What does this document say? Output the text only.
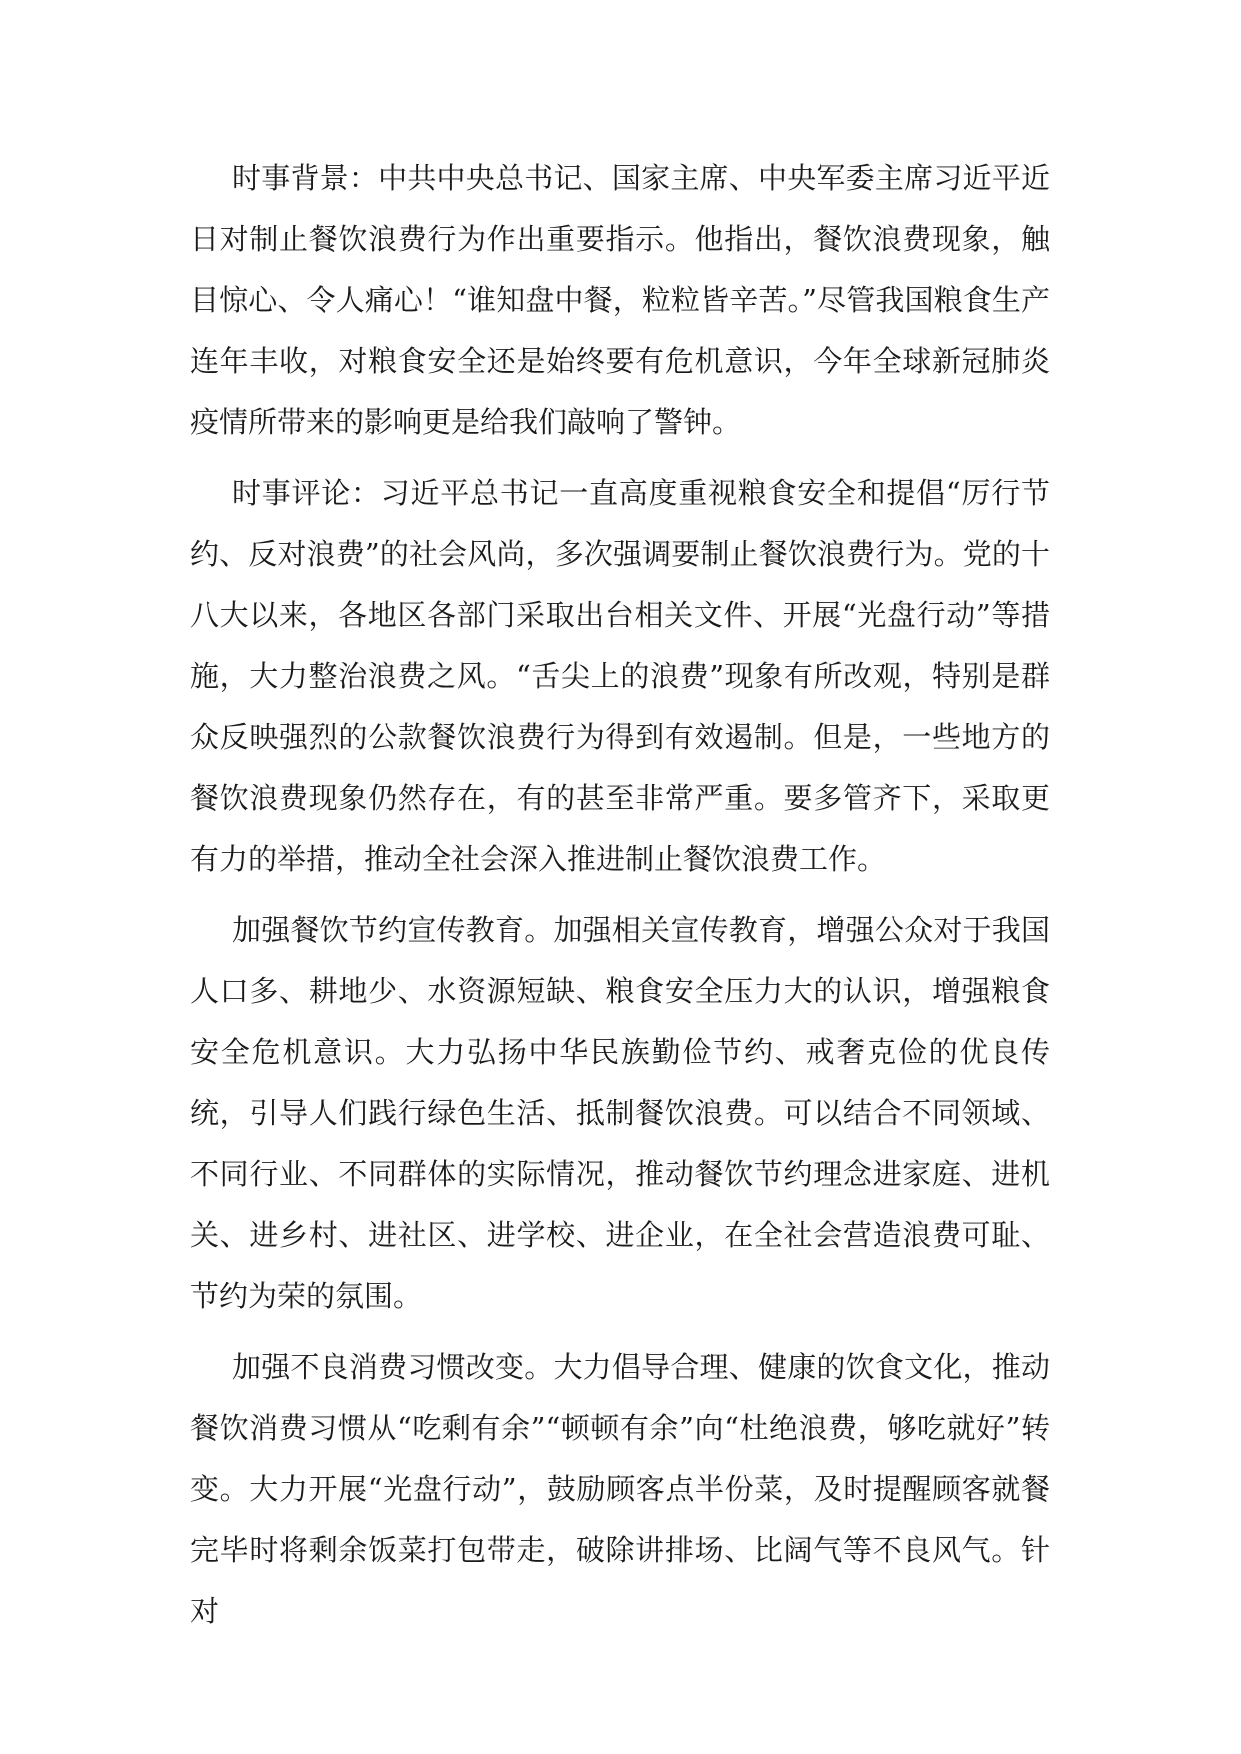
时事背景：中共中央总书记、国家主席、中央军委主席习近平近日对制止餐饮浪费行为作出重要指示。他指出，餐饮浪费现象，触目惊心、令人痛心！“谁知盘中餐，粒粒皆辛苦。”尽管我国粮食生产连年丰收，对粮食安全还是始终要有危机意识，今年全球新冠肺炎疫情所带来的影响更是给我们敲响了警钟。

时事评论：习近平总书记一直高度重视粮食安全和提倡“厉行节约、反对浪费”的社会风尚，多次强调要制止餐饮浪费行为。党的十八大以来，各地区各部门采取出台相关文件、开展“光盘行动”等措施，大力整治浪费之风。“舌尖上的浪费”现象有所改观，特别是群众反映强烈的公款餐饮浪费行为得到有效遏制。但是，一些地方的餐饮浪费现象仍然存在，有的甚至非常严重。要多管齐下，采取更有力的举措，推动全社会深入推进制止餐饮浪费工作。

加强餐饮节约宣传教育。加强相关宣传教育，增强公众对于我国人口多、耕地少、水资源短缺、粮食安全压力大的认识，增强粮食安全危机意识。大力弘扬中华民族勤俭节约、戒奢克俭的优良传统，引导人们践行绿色生活、抵制餐饮浪费。可以结合不同领域、不同行业、不同群体的实际情况，推动餐饮节约理念进家庭、进机关、进乡村、进社区、进学校、进企业，在全社会营造浪费可耻、节约为荣的氛围。

加强不良消费习惯改变。大力倡导合理、健康的饮食文化，推动餐饮消费习惯从“吃剩有余”“顿顿有余”向“杜绝浪费，够吃就好”转变。大力开展“光盘行动”，鼓励顾客点半份菜，及时提醒顾客就餐完毕时将剩余饭菜打包带走，破除讲排场、比阔气等不良风气。针对
